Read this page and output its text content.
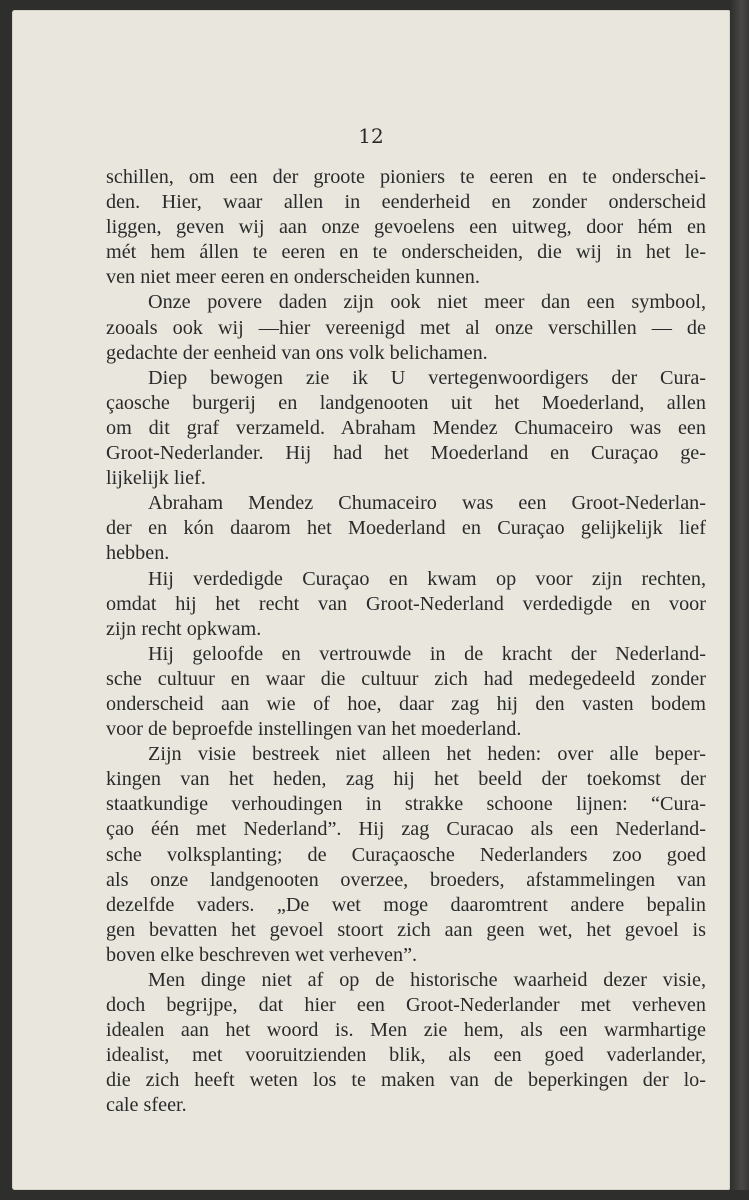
12
schillen, om een der groote pioniers te eeren en te onderschei-
den. Hier, waar allen in eenderheid en zonder onderscheid
liggen, geven wij aan onze gevoelens een uitweg, door hém en
mét hem állen te eeren en te onderscheiden, die wij in het le-
ven niet meer eeren en onderscheiden kunnen.
Onze povere daden zijn ook niet meer dan een symbool,
zooals ook wij —hier vereenigd met al onze verschillen — de
gedachte der eenheid van ons volk belichamen.
Diep bewogen zie ik U vertegenwoordigers der Cura-
çaosche burgerij en landgenooten uit het Moederland, allen
om dit graf verzameld. Abraham Mendez Chumaceiro was een
Groot-Nederlander. Hij had het Moederland en Curaçao ge-
lijkelijk lief.
Abraham Mendez Chumaceiro was een Groot-Nederlan-
der en kón daarom het Moederland en Curaçao gelijkelijk lief
hebben.
Hij verdedigde Curaçao en kwam op voor zijn rechten,
omdat hij het recht van Groot-Nederland verdedigde en voor
zijn recht opkwam.
Hij geloofde en vertrouwde in de kracht der Nederland-
sche cultuur en waar die cultuur zich had medegedeeld zonder
onderscheid aan wie of hoe, daar zag hij den vasten bodem
voor de beproefde instellingen van het moederland.
Zijn visie bestreek niet alleen het heden: over alle beper-
kingen van het heden, zag hij het beeld der toekomst der
staatkundige verhoudingen in strakke schoone lijnen: “Cura-
çao één met Nederland”. Hij zag Curacao als een Nederland-
sche volksplanting; de Curaçaosche Nederlanders zoo goed
als onze landgenooten overzee, broeders, afstammelingen van
dezelfde vaders. „De wet moge daaromtrent andere bepalin
gen bevatten het gevoel stoort zich aan geen wet, het gevoel is
boven elke beschreven wet verheven”.
Men dinge niet af op de historische waarheid dezer visie,
doch begrijpe, dat hier een Groot-Nederlander met verheven
idealen aan het woord is. Men zie hem, als een warmhartige
idealist, met vooruitzienden blik, als een goed vaderlander,
die zich heeft weten los te maken van de beperkingen der lo-
cale sfeer.
